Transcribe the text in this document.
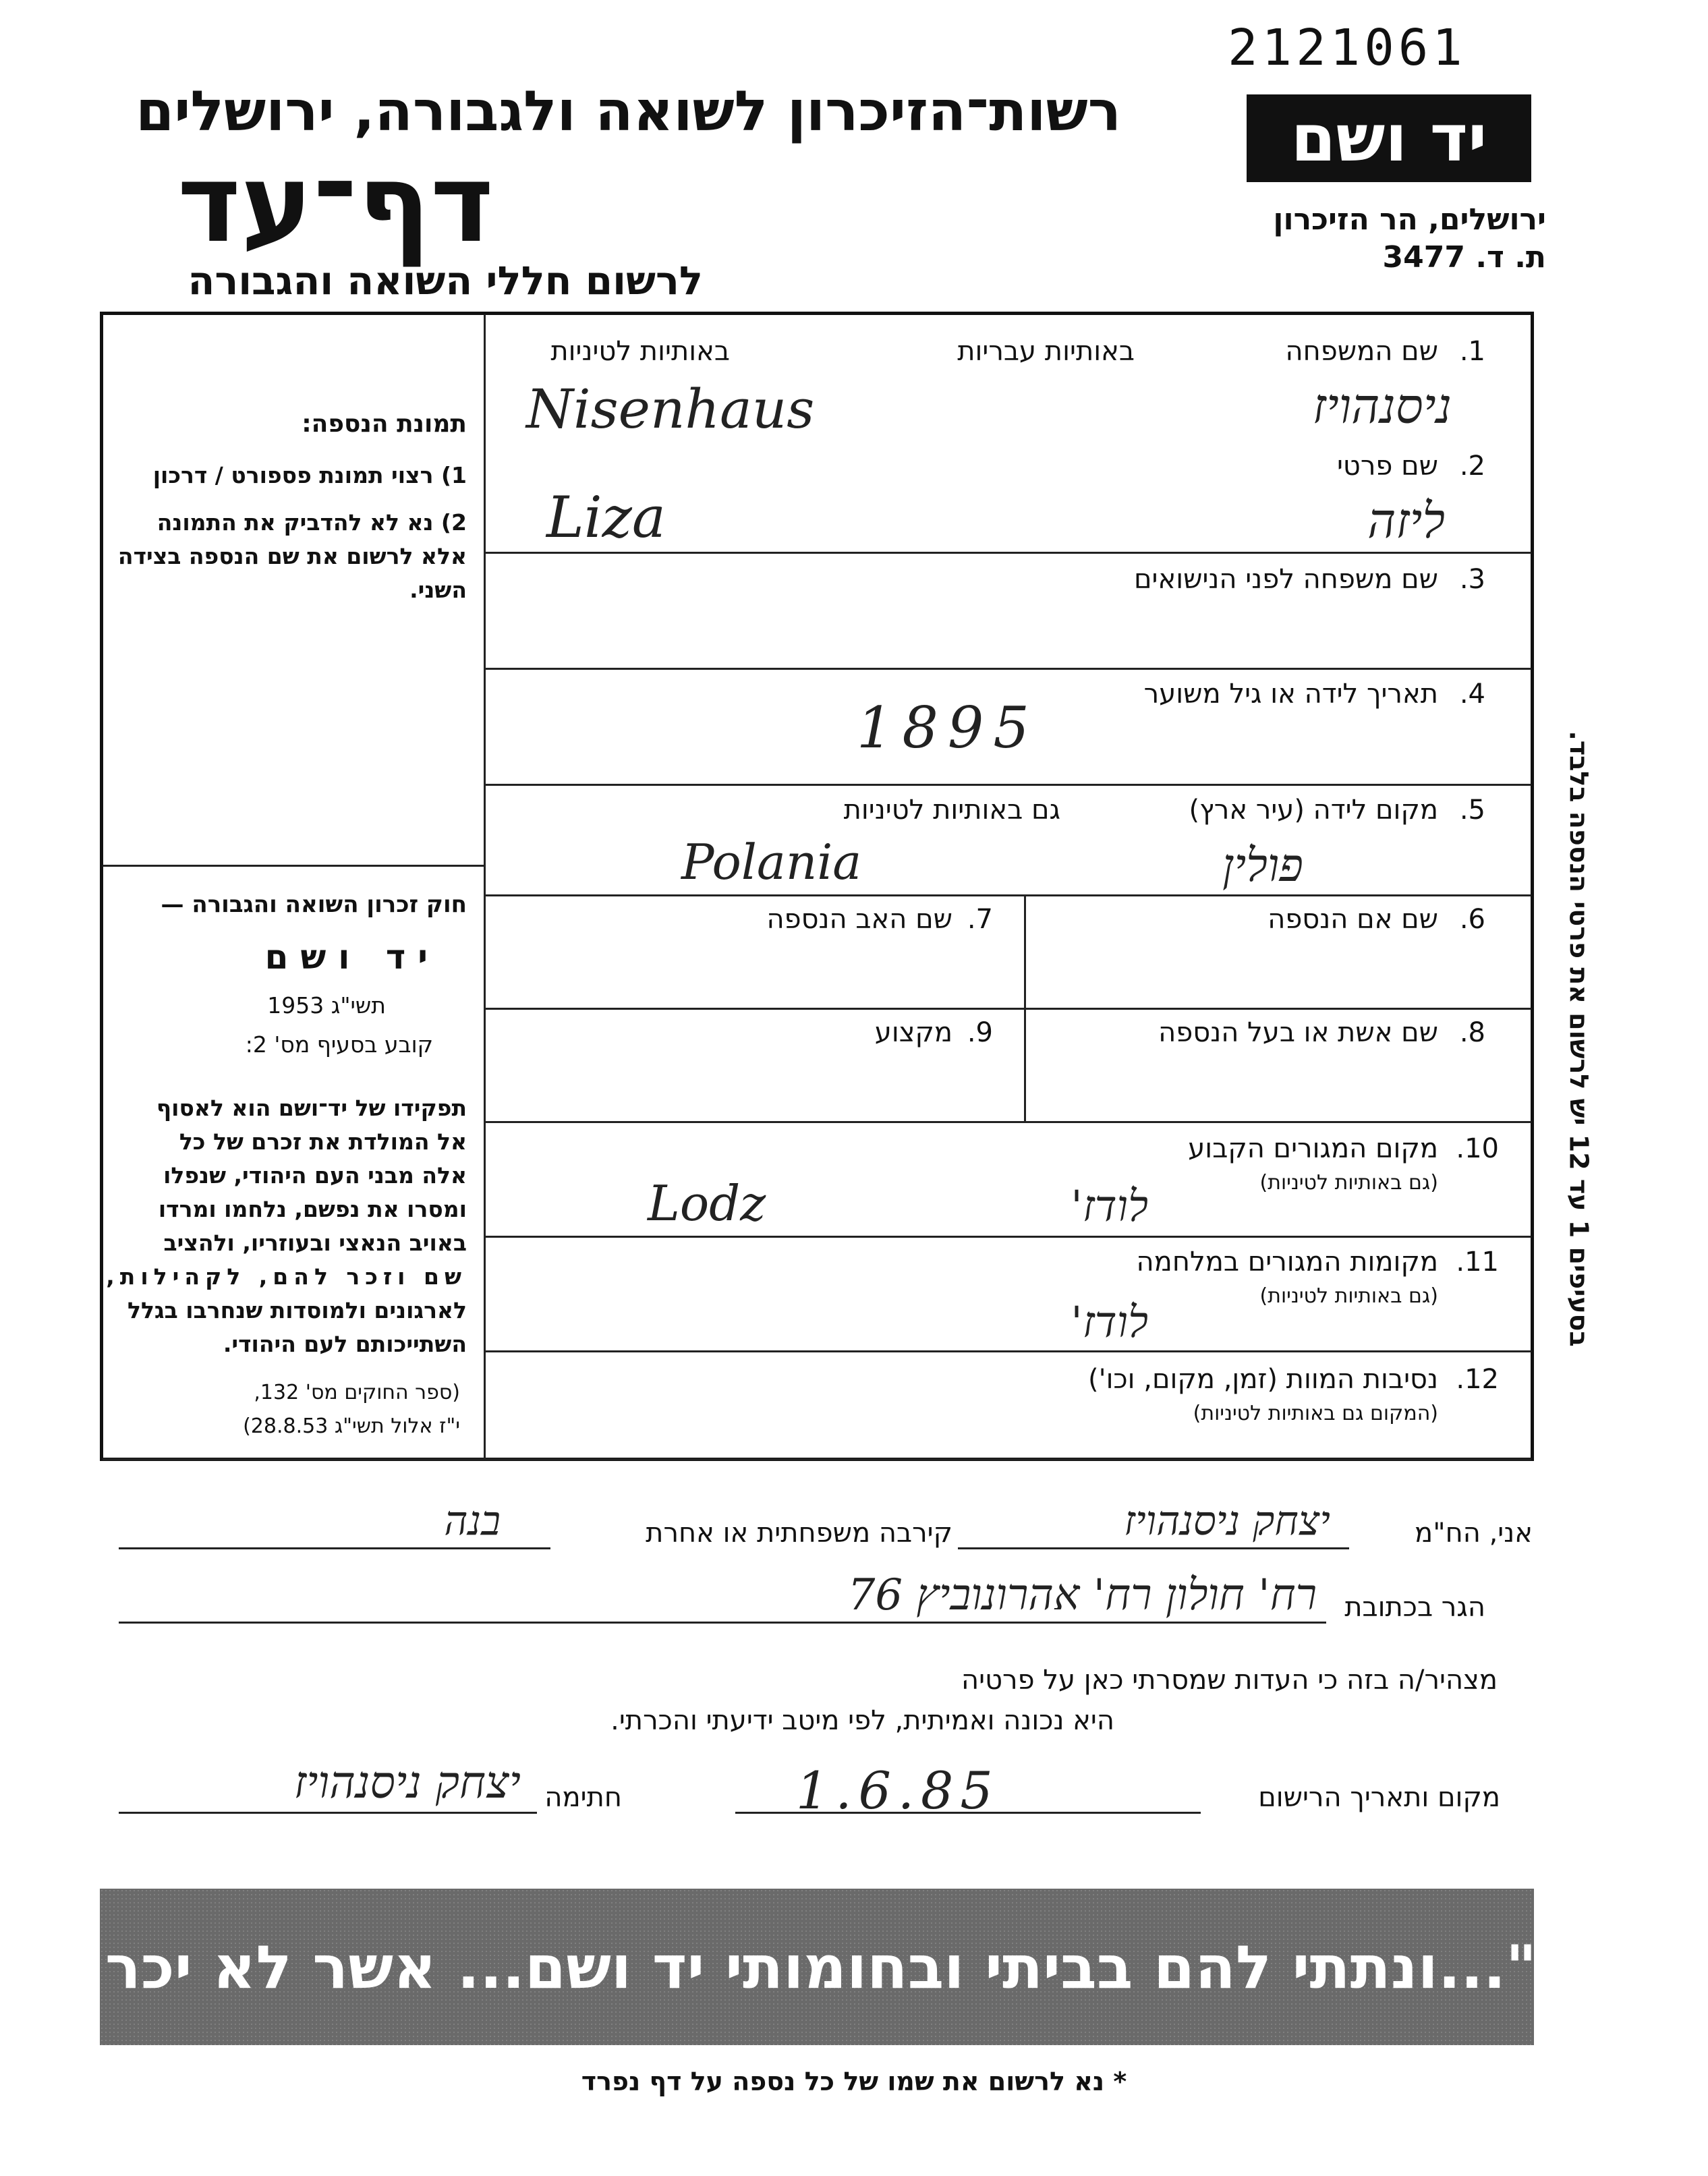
2121061
רשות־הזיכרון לשואה ולגבורה, ירושלים
דף־עד
לרשום חללי השואה והגבורה
יד ושם
ירושלים, הר הזיכרון
ת. ד. 3477
1.
שם המשפחה
באותיות עבריות
באותיות לטיניות
ניסנהויז
Nisenhaus
2.
שם פרטי
Liza	ליזה
3.
שם משפחה לפני הנישואים
4.
תאריך לידה או גיל משוער
1895
5.
מקום לידה (עיר ארץ)
גם באותיות לטיניות
Polania	פולין
6.
שם אם הנספה
7.
שם האב הנספה
8.
שם אשת או בעל הנספה
9.
מקצוע
10.
מקום המגורים הקבוע
(גם באותיות לטיניות)
Lodz	לודז'
11.
מקומות המגורים במלחמה
(גם באותיות לטיניות)
לודז'
12.
נסיבות המוות (זמן, מקום, וכו')
(המקום גם באותיות לטיניות)
תמונת הנספה:
1) רצוי תמונת פספורט / דרכון
2) נא לא להדביק את התמונה
אלא לרשום את שם הנספה בצידה
השני.
חוק זכרון השואה והגבורה —
יד ושם
תשי"ג 1953
קובע בסעיף מס' 2:
תפקידו של יד־ושם הוא לאסוף
אל המולדת את זכרם של כל
אלה מבני העם היהודי, שנפלו
ומסרו את נפשם, נלחמו ומרדו
באויב הנאצי ובעוזריו, ולהציב
שם וזכר להם, לקהילות,
לארגונים ולמוסדות שנחרבו בגלל
השתייכותם לעם היהודי.
(ספר החוקים מס' 132,
י"ז אלול תשי"ג 28.8.53)
בסעיפים 1 עד 12 יש לרשום את פרטי הנספה בלבד.
אני, הח"מ
יצחק ניסנהויז
קירבה משפחתית או אחרת
בנה
הגר בכתובת
רח' חולון רח' אהרונוביץ 76
מצהיר/ה בזה כי העדות שמסרתי כאן על פרטיה
היא נכונה ואמיתית, לפי מיטב ידיעתי והכרתי.
מקום ותאריך הרישום
1.6.85
חתימה
יצחק ניסנהויז
"...ונתתי להם בביתי ובחומותי יד ושם... אשר לא יכרת". ישעיהו נו, ה
* נא לרשום את שמו של כל נספה על דף נפרד
